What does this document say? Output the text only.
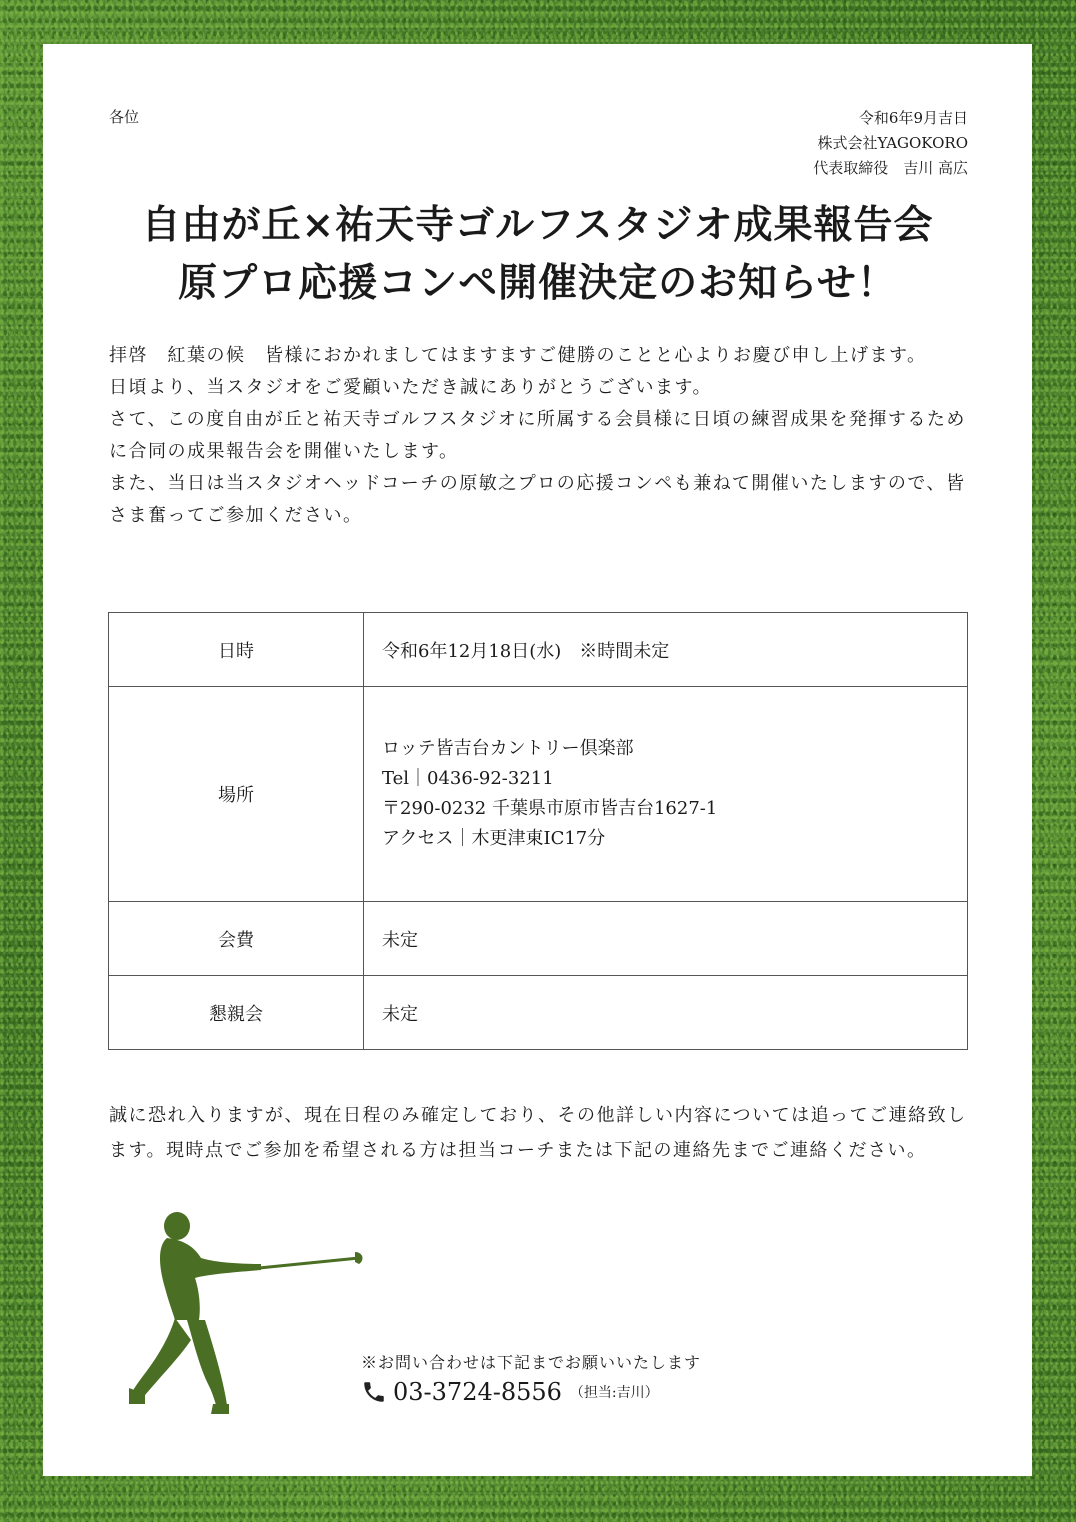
各位	令和6年9月吉日
株式会社YAGOKORO
代表取締役　吉川 高広
自由が丘×祐天寺ゴルフスタジオ成果報告会
原プロ応援コンペ開催決定のお知らせ！

拝啓　紅葉の候　皆様におかれましてはますますご健勝のことと心よりお慶び申し上げます。

日頃より、当スタジオをご愛顧いただき誠にありがとうございます。

さて、この度自由が丘と祐天寺ゴルフスタジオに所属する会員様に日頃の練習成果を発揮するために合同の成果報告会を開催いたします。

また、当日は当スタジオヘッドコーチの原敏之プロの応援コンペも兼ねて開催いたしますので、皆さま奮ってご参加ください。

日時	令和6年12月18日(水)　※時間未定
場所	ロッテ皆吉台カントリー倶楽部
Tel｜0436-92-3211
〒290-0232 千葉県市原市皆吉台1627-1
アクセス｜木更津東IC17分

会費	未定
懇親会	未定

誠に恐れ入りますが、現在日程のみ確定しており、その他詳しい内容については追ってご連絡致します。現時点でご参加を希望される方は担当コーチまたは下記の連絡先までご連絡ください。

※お問い合わせは下記までお願いいたします

03-3724-8556 （担当:吉川）
